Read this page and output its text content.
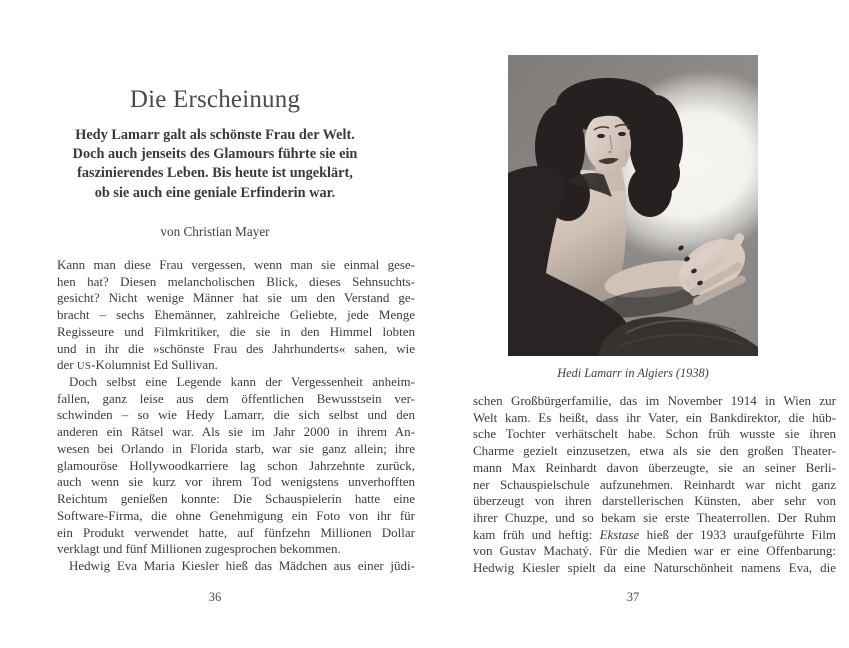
Die Erscheinung
Hedy Lamarr galt als schönste Frau der Welt.
Doch auch jenseits des Glamours führte sie ein
faszinierendes Leben. Bis heute ist ungeklärt,
ob sie auch eine geniale Erfinderin war.
von Christian Mayer
Kann man diese Frau vergessen, wenn man sie einmal gese-
hen hat? Diesen melancholischen Blick, dieses Sehnsuchts-
gesicht? Nicht wenige Männer hat sie um den Verstand ge-
bracht – sechs Ehemänner, zahlreiche Geliebte, jede Menge
Regisseure und Filmkritiker, die sie in den Himmel lobten
und in ihr die »schönste Frau des Jahrhunderts« sahen, wie
der US-Kolumnist Ed Sullivan.
Doch selbst eine Legende kann der Vergessenheit anheim-
fallen, ganz leise aus dem öffentlichen Bewusstsein ver-
schwinden – so wie Hedy Lamarr, die sich selbst und den
anderen ein Rätsel war. Als sie im Jahr 2000 in ihrem An-
wesen bei Orlando in Florida starb, war sie ganz allein; ihre
glamouröse Hollywoodkarriere lag schon Jahrzehnte zurück,
auch wenn sie kurz vor ihrem Tod wenigstens unverhofften
Reichtum genießen konnte: Die Schauspielerin hatte eine
Software-Firma, die ohne Genehmigung ein Foto von ihr für
ein Produkt verwendet hatte, auf fünfzehn Millionen Dollar
verklagt und fünf Millionen zugesprochen bekommen.
Hedwig Eva Maria Kiesler hieß das Mädchen aus einer jüdi-
36
Hedi Lamarr in Algiers (1938)
schen Großbürgerfamilie, das im November 1914 in Wien zur
Welt kam. Es heißt, dass ihr Vater, ein Bankdirektor, die hüb-
sche Tochter verhätschelt habe. Schon früh wusste sie ihren
Charme gezielt einzusetzen, etwa als sie den großen Theater-
mann Max Reinhardt davon überzeugte, sie an seiner Berli-
ner Schauspielschule aufzunehmen. Reinhardt war nicht ganz
überzeugt von ihren darstellerischen Künsten, aber sehr von
ihrer Chuzpe, und so bekam sie erste Theaterrollen. Der Ruhm
kam früh und heftig: Ekstase hieß der 1933 uraufgeführte Film
von Gustav Machatý. Für die Medien war er eine Offenbarung:
Hedwig Kiesler spielt da eine Naturschönheit namens Eva, die
37
